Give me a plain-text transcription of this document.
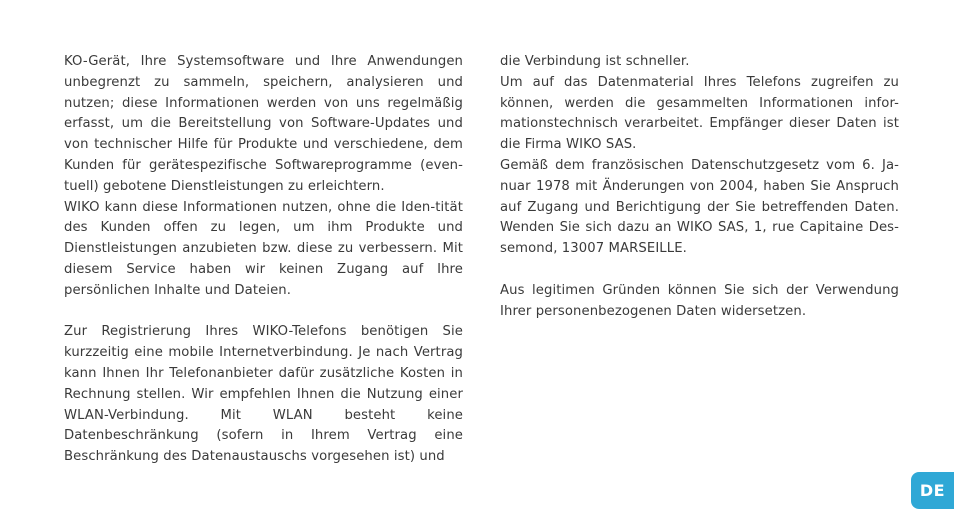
KO-Gerät, Ihre Systemsoftware und Ihre Anwendungen unbegrenzt zu sammeln, speichern, analysieren und nutzen; diese Informationen werden von uns regelmäßig erfasst, um die Bereitstellung von Software-Updates und von technischer Hilfe für Produkte und verschiedene, dem Kunden für gerätespezifische Softwareprogramme (even-tuell) gebotene Dienstleistungen zu erleichtern.

WIKO kann diese Informationen nutzen, ohne die Iden-tität des Kunden offen zu legen, um ihm Produkte und Dienstleistungen anzubieten bzw. diese zu verbessern. Mit diesem Service haben wir keinen Zugang auf Ihre persönlichen Inhalte und Dateien.

Zur Registrierung Ihres WIKO-Telefons benötigen Sie kurzzeitig eine mobile Internetverbindung. Je nach Vertrag kann Ihnen Ihr Telefonanbieter dafür zusätzliche Kosten in Rechnung stellen. Wir empfehlen Ihnen die Nutzung einer WLAN-Verbindung. Mit WLAN besteht keine Datenbeschränkung (sofern in Ihrem Vertrag eine Beschränkung des Datenaustauschs vorgesehen ist) und

die Verbindung ist schneller.

Um auf das Datenmaterial Ihres Telefons zugreifen zu können, werden die gesammelten Informationen infor-mationstechnisch verarbeitet. Empfänger dieser Daten ist die Firma WIKO SAS.

Gemäß dem französischen Datenschutzgesetz vom 6. Ja-nuar 1978 mit Änderungen von 2004, haben Sie Anspruch auf Zugang und Berichtigung der Sie betreffenden Daten. Wenden Sie sich dazu an WIKO SAS, 1, rue Capitaine Des-semond, 13007 MARSEILLE.

Aus legitimen Gründen können Sie sich der Verwendung Ihrer personenbezogenen Daten widersetzen.

DE
